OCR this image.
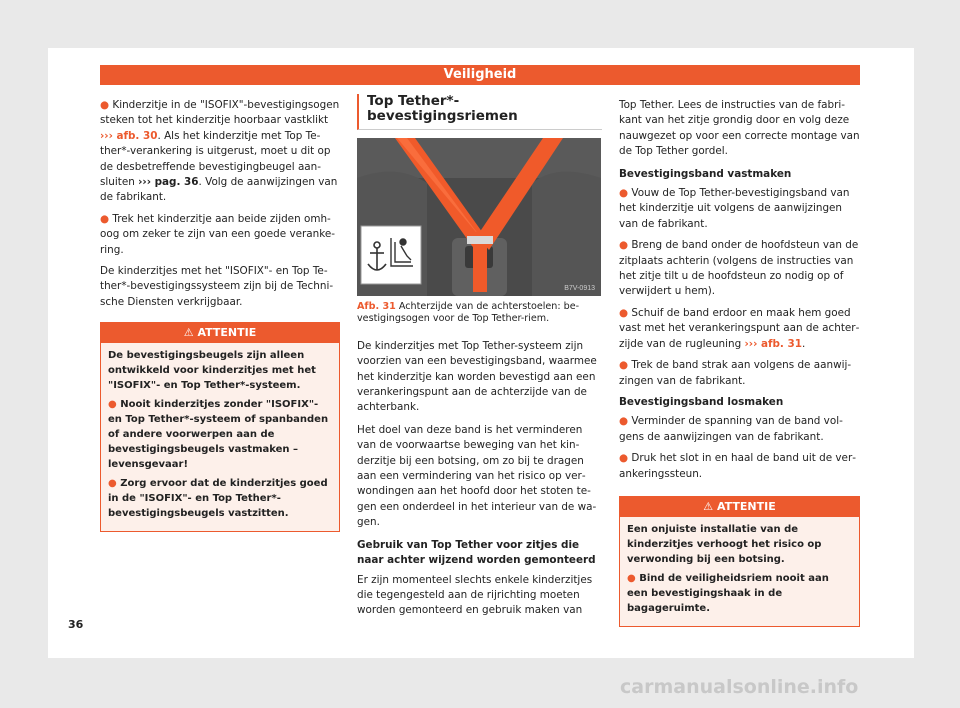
Veiligheid

● Kinderzitje in de "ISOFIX"-bevestigingsogen steken tot het kinderzitje hoorbaar vastklikt ››› afb. 30. Als het kinderzitje met Top Tether*-verankering is uitgerust, moet u dit op de desbetreffende bevestigingbeugel aansluiten ››› pag. 36. Volg de aanwijzingen van de fabrikant.

● Trek het kinderzitje aan beide zijden omhoog om zeker te zijn van een goede verankering.

De kinderzitjes met het "ISOFIX"- en Top Tether*-bevestigingssysteem zijn bij de Technische Diensten verkrijgbaar.

⚠ ATTENTIE

De bevestigingsbeugels zijn alleen ontwikkeld voor kinderzitjes met het "ISOFIX"- en Top Tether*-systeem.

● Nooit kinderzitjes zonder "ISOFIX"- en Top Tether*-systeem of spanbanden of andere voorwerpen aan de bevestigingsbeugels vastmaken – levensgevaar!

● Zorg ervoor dat de kinderzitjes goed in de "ISOFIX"- en Top Tether*-bevestigingsbeugels vastzitten.

Top Tether*-bevestigingsriemen
B7V-0913
Afb. 31 Achterzijde van de achterstoelen: bevestigingsogen voor de Top Tether-riem.

De kinderzitjes met Top Tether-systeem zijn voorzien van een bevestigingsband, waarmee het kinderzitje kan worden bevestigd aan een verankeringspunt aan de achterzijde van de achterbank.

Het doel van deze band is het verminderen van de voorwaartse beweging van het kinderzitje bij een botsing, om zo bij te dragen aan een vermindering van het risico op verwondingen aan het hoofd door het stoten tegen een onderdeel in het interieur van de wagen.

Gebruik van Top Tether voor zitjes die naar achter wijzend worden gemonteerd

Er zijn momenteel slechts enkele kinderzitjes die tegengesteld aan de rijrichting moeten worden gemonteerd en gebruik maken van

Top Tether. Lees de instructies van de fabrikant van het zitje grondig door en volg deze nauwgezet op voor een correcte montage van de Top Tether gordel.

Bevestigingsband vastmaken

● Vouw de Top Tether-bevestigingsband van het kinderzitje uit volgens de aanwijzingen van de fabrikant.

● Breng de band onder de hoofdsteun van de zitplaats achterin (volgens de instructies van het zitje tilt u de hoofdsteun zo nodig op of verwijdert u hem).

● Schuif de band erdoor en maak hem goed vast met het verankeringspunt aan de achterzijde van de rugleuning ››› afb. 31.

● Trek de band strak aan volgens de aanwijzingen van de fabrikant.

Bevestigingsband losmaken

● Verminder de spanning van de band volgens de aanwijzingen van de fabrikant.

● Druk het slot in en haal de band uit de verankeringssteun.

⚠ ATTENTIE

Een onjuiste installatie van de kinderzitjes verhoogt het risico op verwonding bij een botsing.

● Bind de veiligheidsriem nooit aan een bevestigingshaak in de bagageruimte.

36
carmanualsonline.info
